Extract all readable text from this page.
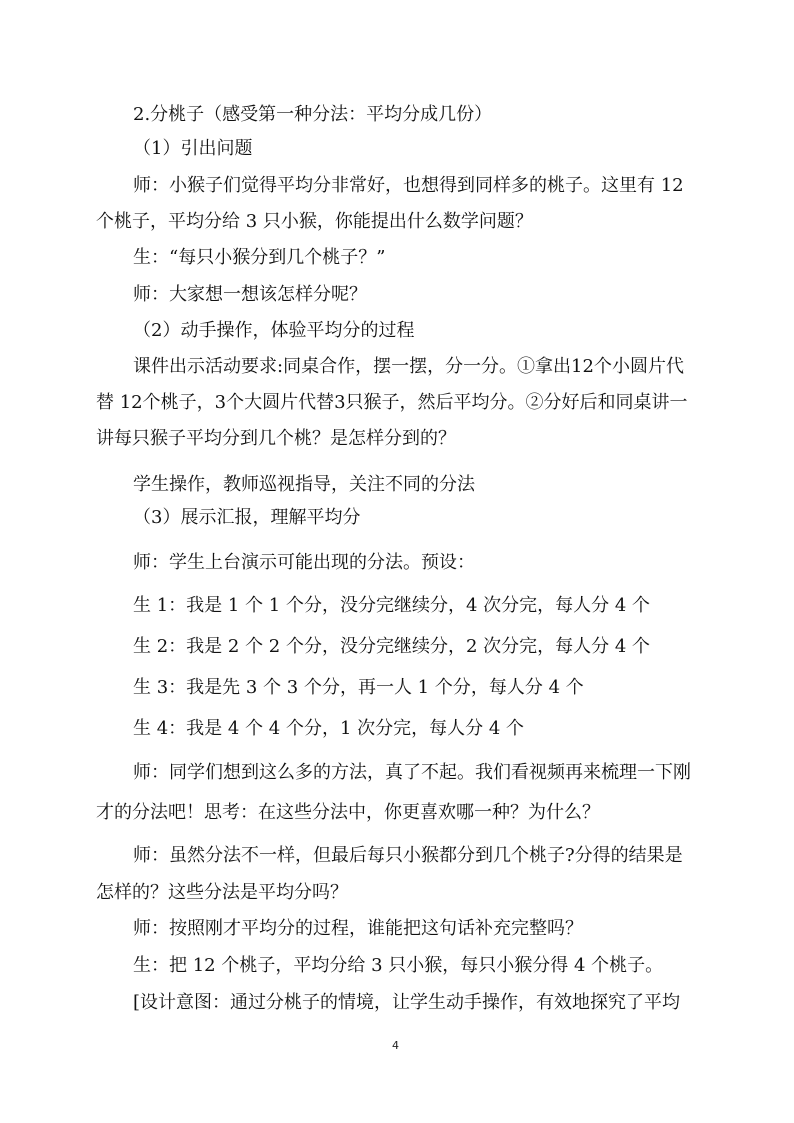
2.分桃子（感受第一种分法：平均分成几份）

（1）引出问题

师：小猴子们觉得平均分非常好，也想得到同样多的桃子。这里有 12

个桃子，平均分给 3 只小猴，你能提出什么数学问题？

生：“每只小猴分到几个桃子？”

师：大家想一想该怎样分呢？

（2）动手操作，体验平均分的过程

课件出示活动要求:同桌合作，摆一摆，分一分。①拿出12个小圆片代

替 12个桃子，3个大圆片代替3只猴子，然后平均分。②分好后和同桌讲一

讲每只猴子平均分到几个桃？是怎样分到的？

学生操作，教师巡视指导，关注不同的分法

（3）展示汇报，理解平均分

师：学生上台演示可能出现的分法。预设：

生 1：我是 1 个 1 个分，没分完继续分，4 次分完，每人分 4 个

生 2：我是 2 个 2 个分，没分完继续分，2 次分完，每人分 4 个

生 3：我是先 3 个 3 个分，再一人 1 个分，每人分 4 个

生 4：我是 4 个 4 个分，1 次分完，每人分 4 个

师：同学们想到这么多的方法，真了不起。我们看视频再来梳理一下刚

才的分法吧！思考：在这些分法中，你更喜欢哪一种？为什么？

师：虽然分法不一样，但最后每只小猴都分到几个桃子?分得的结果是

怎样的？这些分法是平均分吗？

师：按照刚才平均分的过程，谁能把这句话补充完整吗？

生：把 12 个桃子，平均分给 3 只小猴，每只小猴分得 4 个桃子。

[设计意图：通过分桃子的情境，让学生动手操作，有效地探究了平均

4
